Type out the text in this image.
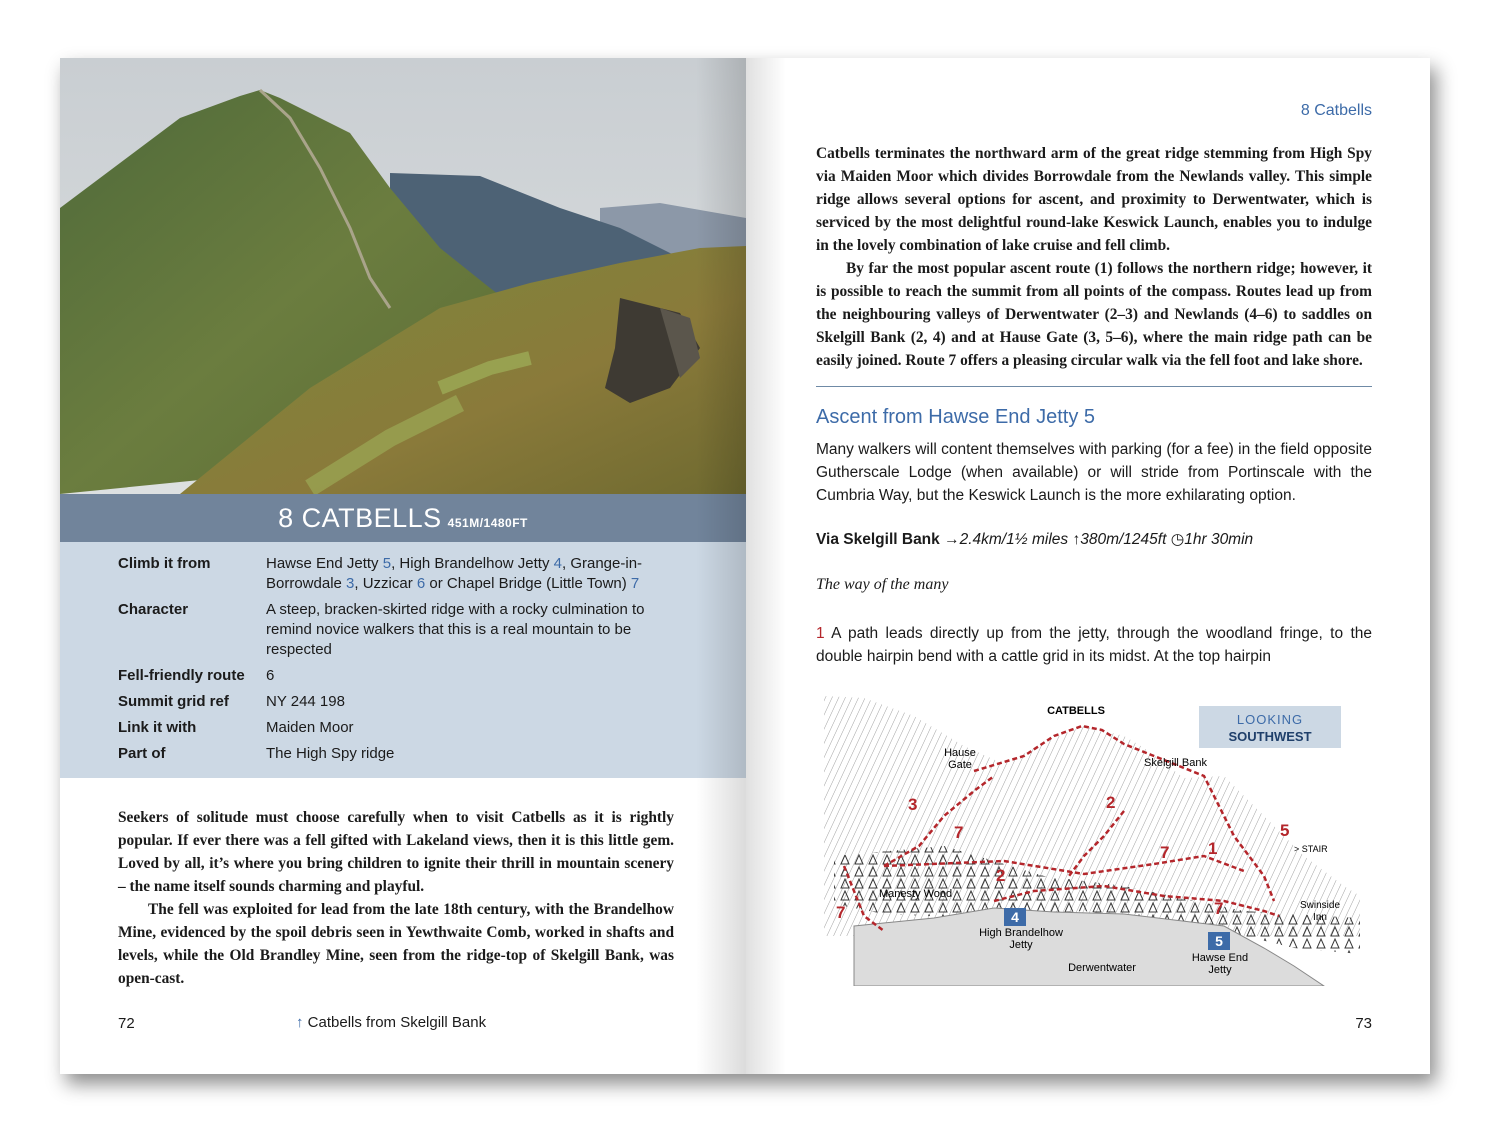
8 CATBELLS 451M/1480FT
Climb it from	Hawse End Jetty 5, High Brandelhow Jetty 4, Grange-in-Borrowdale 3, Uzzicar 6 or Chapel Bridge (Little Town) 7
Character	A steep, bracken-skirted ridge with a rocky culmination to remind novice walkers that this is a real mountain to be respected
Fell-friendly route	6
Summit grid ref	NY 244 198
Link it with	Maiden Moor
Part of	The High Spy ridge

Seekers of solitude must choose carefully when to visit Catbells as it is rightly popular. If ever there was a fell gifted with Lakeland views, then it is this little gem. Loved by all, it’s where you bring children to ignite their thrill in mountain scenery – the name itself sounds charming and playful.

The fell was exploited for lead from the late 18th century, with the Brandelhow Mine, evidenced by the spoil debris seen in Yewthwaite Comb, worked in shafts and levels, while the Old Brandley Mine, seen from the ridge-top of Skelgill Bank, was open-cast.

72	↑ Catbells from Skelgill Bank
8 Catbells

Catbells terminates the northward arm of the great ridge stemming from High Spy via Maiden Moor which divides Borrowdale from the Newlands valley. This simple ridge allows several options for ascent, and proximity to Derwentwater, which is serviced by the most delightful round-lake Keswick Launch, enables you to indulge in the lovely combination of lake cruise and fell climb.

By far the most popular ascent route (1) follows the northern ridge; however, it is possible to reach the summit from all points of the compass. Routes lead up from the neighbouring valleys of Derwentwater (2–3) and Newlands (4–6) to saddles on Skelgill Bank (2, 4) and at Hause Gate (3, 5–6), where the main ridge path can be easily joined. Route 7 offers a pleasing circular walk via the fell foot and lake shore.

Ascent from Hawse End Jetty 5
Many walkers will content themselves with parking (for a fee) in the field opposite Gutherscale Lodge (when available) or will stride from Portinscale with the Cumbria Way, but the Keswick Launch is the more exhilarating option.
Via Skelgill Bank →2.4km/1½ miles ↑380m/1245ft ◷1hr 30min
The way of the many
1 A path leads directly up from the jetty, through the woodland fringe, to the double hairpin bend with a cattle grid in its midst. At the top hairpin
LOOKING
SOUTHWEST
CATBELLS
Hause
Gate	Skelgill Bank
> STAIR
Manesty Wood
High Brandelhow
Jetty
Derwentwater
Hawse End
Jetty
Swinside
Inn
3
7
2
7 1
5
2
7	7
4
5
73
